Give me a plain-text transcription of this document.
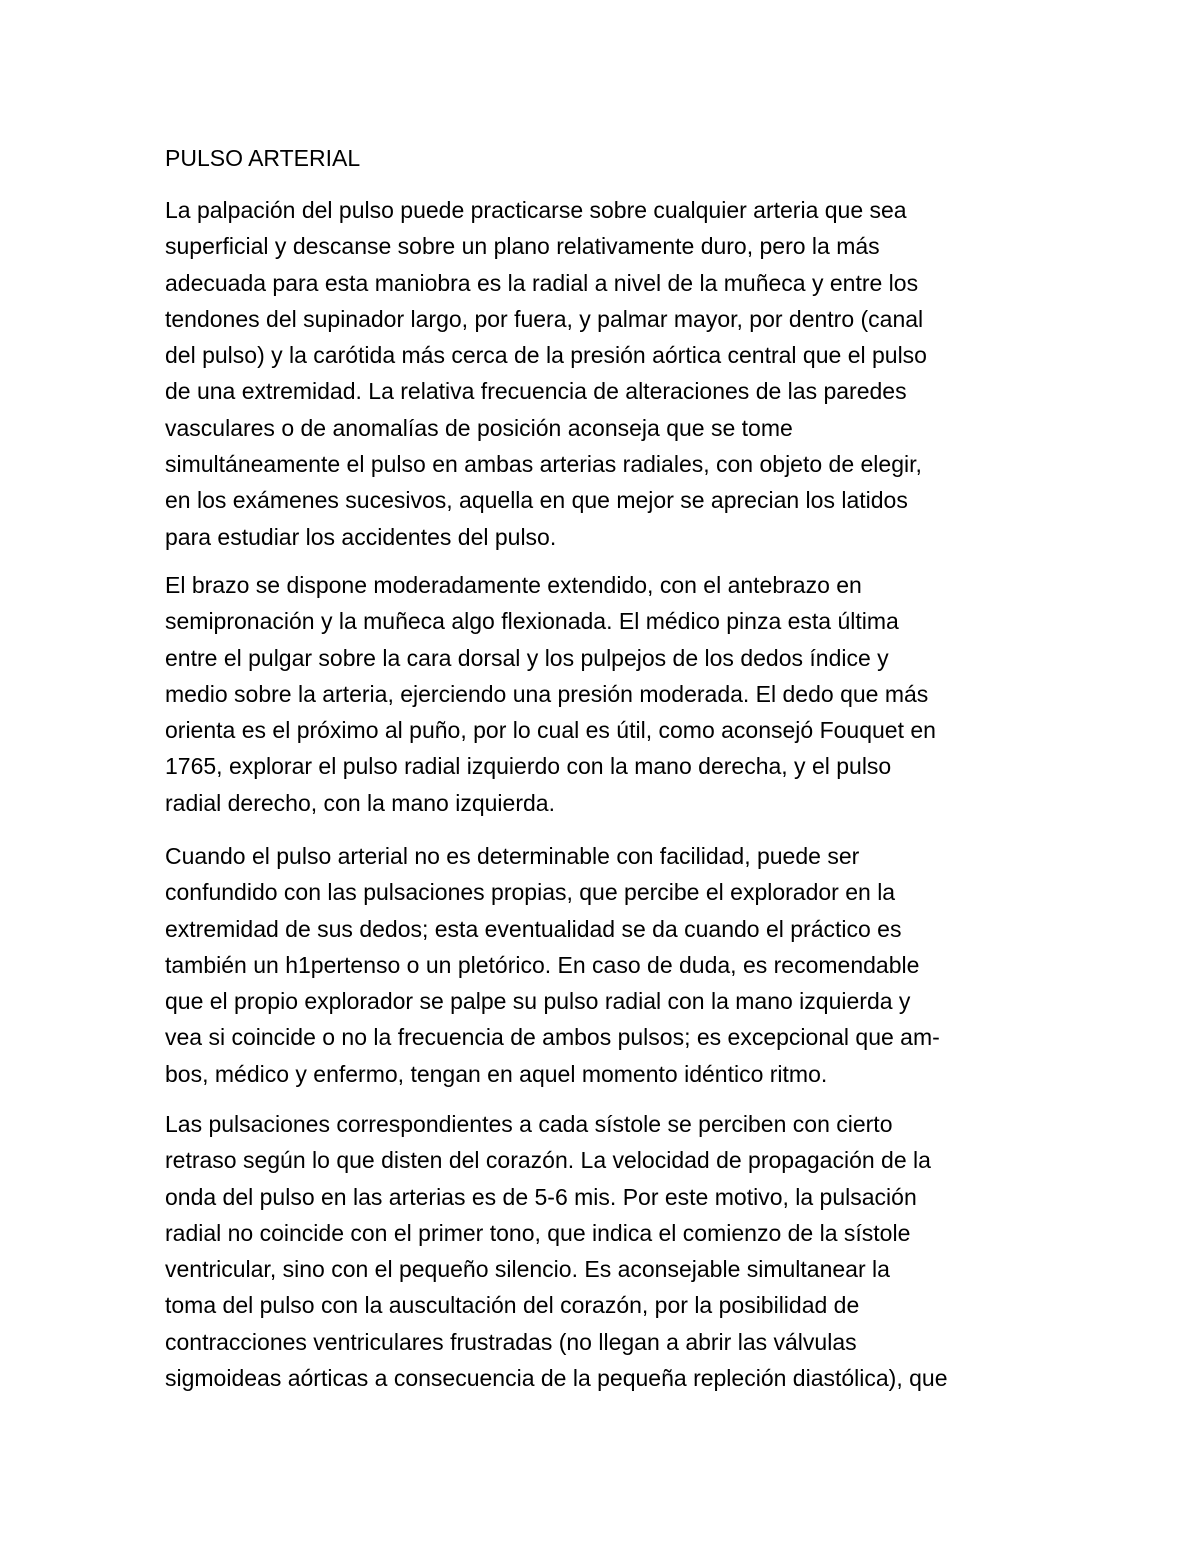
PULSO ARTERIAL
La palpación del pulso puede practicarse sobre cualquier arteria que sea
superficial y descanse sobre un plano relativamente duro, pero la más
adecuada para esta maniobra es la radial a nivel de la muñeca y entre los
tendones del supinador largo, por fuera, y palmar mayor, por dentro (canal
del pulso) y la carótida más cerca de la presión aórtica central que el pulso
de una extremidad. La relativa frecuencia de alteraciones de las paredes
vasculares o de anomalías de posición aconseja que se tome
simultáneamente el pulso en ambas arterias radiales, con objeto de elegir,
en los exámenes sucesivos, aquella en que mejor se aprecian los latidos
para estudiar los accidentes del pulso.
El brazo se dispone moderadamente extendido, con el antebrazo en
semipronación y la muñeca algo flexionada. El médico pinza esta última
entre el pulgar sobre la cara dorsal y los pulpejos de los dedos índice y
medio sobre la arteria, ejerciendo una presión moderada. El dedo que más
orienta es el próximo al puño, por lo cual es útil, como aconsejó Fouquet en
1765, explorar el pulso radial izquierdo con la mano derecha, y el pulso
radial derecho, con la mano izquierda.
Cuando el pulso arterial no es determinable con facilidad, puede ser
confundido con las pulsaciones propias, que percibe el explorador en la
extremidad de sus dedos; esta eventualidad se da cuando el práctico es
también un h1pertenso o un pletórico. En caso de duda, es recomendable
que el propio explorador se palpe su pulso radial con la mano izquierda y
vea si coincide o no la frecuencia de ambos pulsos; es excepcional que am-
bos, médico y enfermo, tengan en aquel momento idéntico ritmo.
Las pulsaciones correspondientes a cada sístole se perciben con cierto
retraso según lo que disten del corazón. La velocidad de propagación de la
onda del pulso en las arterias es de 5-6 mis. Por este motivo, la pulsación
radial no coincide con el primer tono, que indica el comienzo de la sístole
ventricular, sino con el pequeño silencio. Es aconsejable simultanear la
toma del pulso con la auscultación del corazón, por la posibilidad de
contracciones ventriculares frustradas (no llegan a abrir las válvulas
sigmoideas aórticas a consecuencia de la pequeña repleción diastólica), que
